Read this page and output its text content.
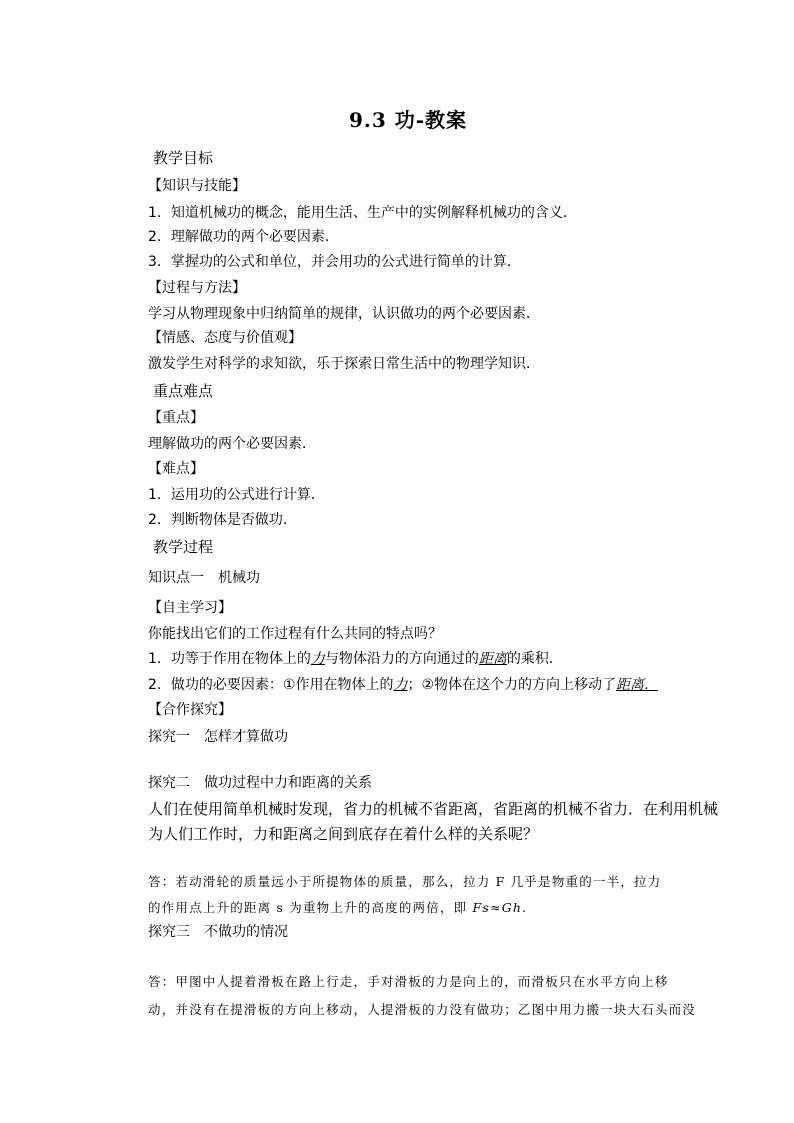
9.3 功-教案
教学目标
【知识与技能】
1．知道机械功的概念，能用生活、生产中的实例解释机械功的含义．
2．理解做功的两个必要因素．
3．掌握功的公式和单位，并会用功的公式进行简单的计算．
【过程与方法】
学习从物理现象中归纳简单的规律，认识做功的两个必要因素．
【情感、态度与价值观】
激发学生对科学的求知欲，乐于探索日常生活中的物理学知识．
重点难点
【重点】
理解做功的两个必要因素．
【难点】
1．运用功的公式进行计算．
2．判断物体是否做功．
教学过程
知识点一　机械功
【自主学习】
你能找出它们的工作过程有什么共同的特点吗？
1．功等于作用在物体上的力与物体沿力的方向通过的距离的乘积．
2．做功的必要因素：①作用在物体上的力；②物体在这个力的方向上移动了距离．
【合作探究】
探究一　怎样才算做功
探究二　做功过程中力和距离的关系
人们在使用简单机械时发现，省力的机械不省距离，省距离的机械不省力．在利用机械
为人们工作时，力和距离之间到底存在着什么样的关系呢？
答：若动滑轮的质量远小于所提物体的质量，那么，拉力 F 几乎是物重的一半，拉力
的作用点上升的距离 s 为重物上升的高度的两倍，即 Fs≈Gh.
探究三　不做功的情况
答：甲图中人提着滑板在路上行走，手对滑板的力是向上的，而滑板只在水平方向上移
动，并没有在提滑板的方向上移动，人提滑板的力没有做功；乙图中用力搬一块大石头而没
